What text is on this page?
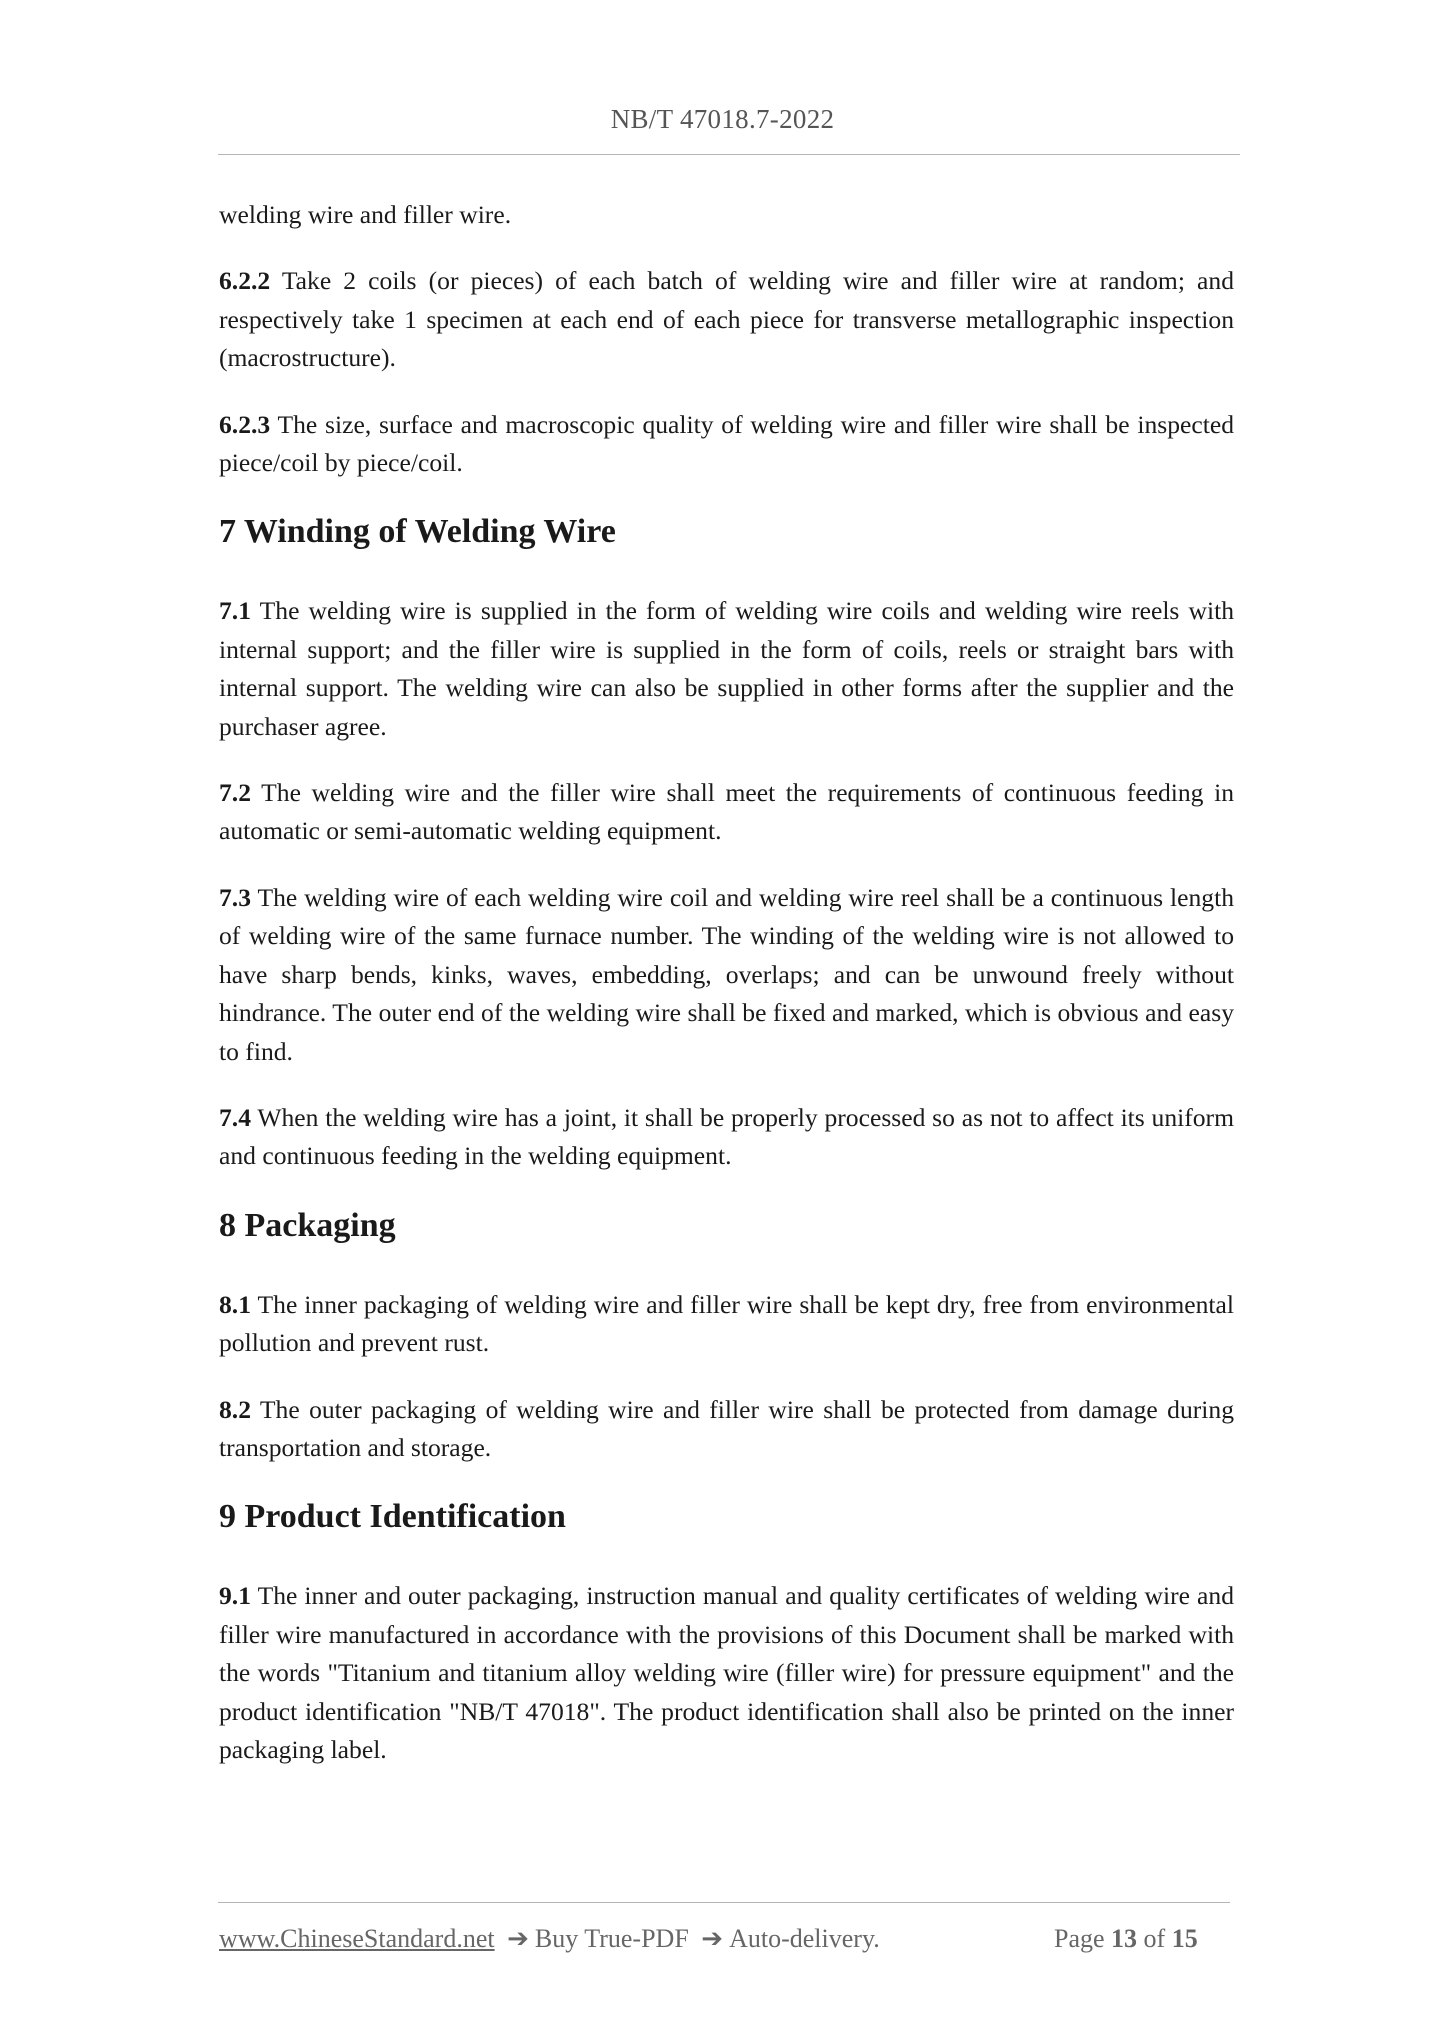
NB/T 47018.7-2022

welding wire and filler wire.

6.2.2 Take 2 coils (or pieces) of each batch of welding wire and filler wire at random; and respectively take 1 specimen at each end of each piece for transverse metallographic inspection (macrostructure).

6.2.3 The size, surface and macroscopic quality of welding wire and filler wire shall be inspected piece/coil by piece/coil.

7 Winding of Welding Wire

7.1 The welding wire is supplied in the form of welding wire coils and welding wire reels with internal support; and the filler wire is supplied in the form of coils, reels or straight bars with internal support. The welding wire can also be supplied in other forms after the supplier and the purchaser agree.

7.2 The welding wire and the filler wire shall meet the requirements of continuous feeding in automatic or semi-automatic welding equipment.

7.3 The welding wire of each welding wire coil and welding wire reel shall be a continuous length of welding wire of the same furnace number. The winding of the welding wire is not allowed to have sharp bends, kinks, waves, embedding, overlaps; and can be unwound freely without hindrance. The outer end of the welding wire shall be fixed and marked, which is obvious and easy to find.

7.4 When the welding wire has a joint, it shall be properly processed so as not to affect its uniform and continuous feeding in the welding equipment.

8 Packaging

8.1 The inner packaging of welding wire and filler wire shall be kept dry, free from environmental pollution and prevent rust.

8.2 The outer packaging of welding wire and filler wire shall be protected from damage during transportation and storage.

9 Product Identification

9.1 The inner and outer packaging, instruction manual and quality certificates of welding wire and filler wire manufactured in accordance with the provisions of this Document shall be marked with the words "Titanium and titanium alloy welding wire (filler wire) for pressure equipment" and the product identification "NB/T 47018". The product identification shall also be printed on the inner packaging label.

www.ChineseStandard.net ➔ Buy True-PDF ➔ Auto-delivery.	Page 13 of 15
